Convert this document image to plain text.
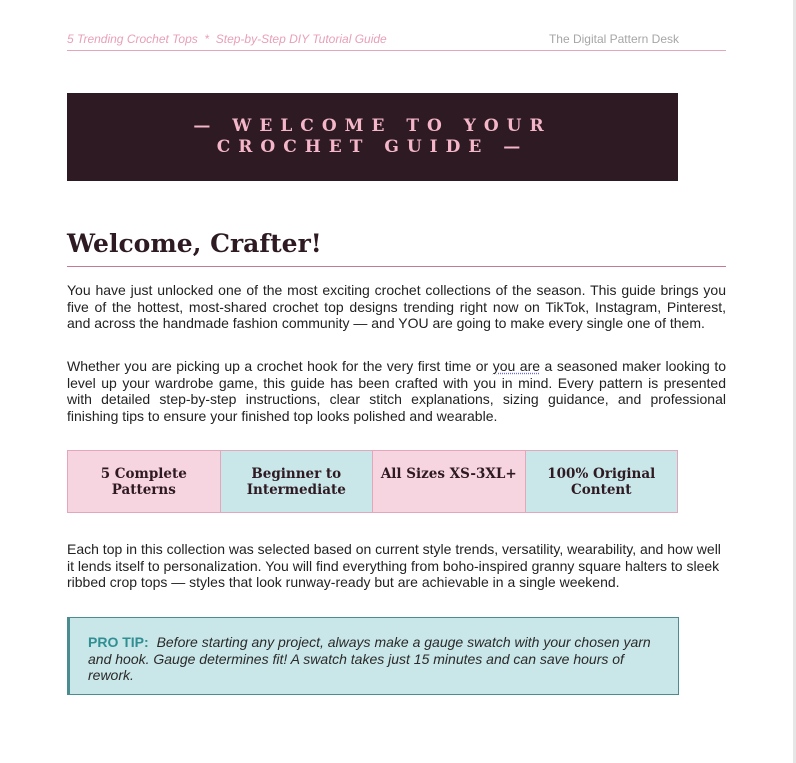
5 Trending Crochet Tops  *  Step-by-Step DIY Tutorial Guide	The Digital Pattern Desk
— WELCOME TO YOUR CROCHET GUIDE —
Welcome, Crafter!

You have just unlocked one of the most exciting crochet collections of the season. This guide brings you five of the hottest, most-shared crochet top designs trending right now on TikTok, Instagram, Pinterest, and across the handmade fashion community — and YOU are going to make every single one of them.

Whether you are picking up a crochet hook for the very first time or you are a seasoned maker looking to level up your wardrobe game, this guide has been crafted with you in mind. Every pattern is presented with detailed step-by-step instructions, clear stitch explanations, sizing guidance, and professional finishing tips to ensure your finished top looks polished and wearable.

5 Complete Patterns
Beginner to Intermediate
All Sizes XS-3XL+	100% Original Content

Each top in this collection was selected based on current style trends, versatility, wearability, and how well it lends itself to personalization. You will find everything from boho-inspired granny square halters to sleek ribbed crop tops — styles that look runway-ready but are achievable in a single weekend.

PRO TIP: Before starting any project, always make a gauge swatch with your chosen yarn and hook. Gauge determines fit! A swatch takes just 15 minutes and can save hours of rework.
